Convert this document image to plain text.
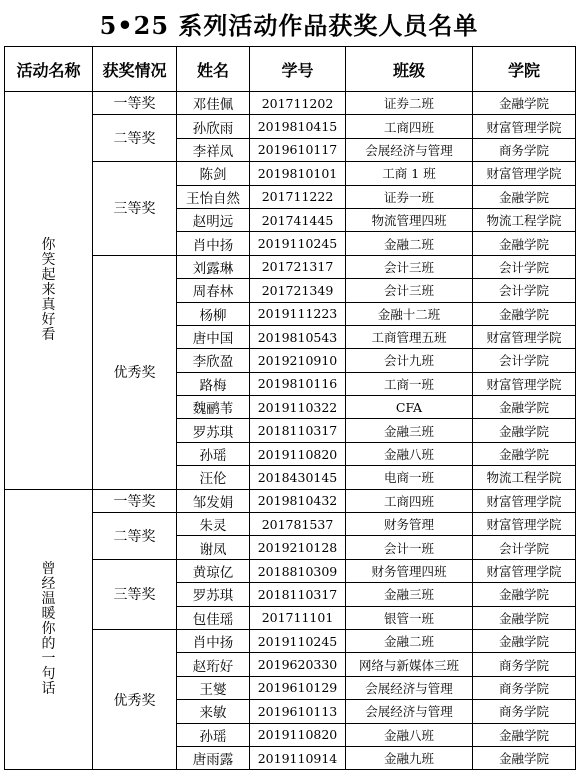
5•25 系列活动作品获奖人员名单
活动名称	获奖情况	姓名	学号	班级	学院
你笑起来真好看	一等奖	邓佳佩	201711202	证券二班	金融学院
	二等奖	孙欣雨	2019810415	工商四班	财富管理学院
		李祥凤	2019610117	会展经济与管理	商务学院
	三等奖	陈剑	2019810101	工商 1 班	财富管理学院
		王怡自然	201711222	证券一班	金融学院
		赵明远	201741445	物流管理四班	物流工程学院
		肖中扬	2019110245	金融二班	金融学院
	优秀奖	刘露琳	201721317	会计三班	会计学院
		周春林	201721349	会计三班	会计学院
		杨柳	2019111223	金融十二班	金融学院
		唐中国	2019810543	工商管理五班	财富管理学院
		李欣盈	2019210910	会计九班	会计学院
		路梅	2019810116	工商一班	财富管理学院
		魏鹂苇	2019110322	CFA	金融学院
		罗苏琪	2018110317	金融三班	金融学院
		孙瑶	2019110820	金融八班	金融学院
		汪伦	2018430145	电商一班	物流工程学院
曾经温暖你的一句话	一等奖	邹发娟	2019810432	工商四班	财富管理学院
	二等奖	朱灵	201781537	财务管理	财富管理学院
		谢凤	2019210128	会计一班	会计学院
	三等奖	黄琼亿	2018810309	财务管理四班	财富管理学院
		罗苏琪	2018110317	金融三班	金融学院
		包佳瑶	201711101	银管一班	金融学院
	优秀奖	肖中扬	2019110245	金融二班	金融学院
		赵珩好	2019620330	网络与新媒体三班	商务学院
		王燮	2019610129	会展经济与管理	商务学院
		来敏	2019610113	会展经济与管理	商务学院
		孙瑶	2019110820	金融八班	金融学院
		唐雨露	2019110914	金融九班	金融学院
